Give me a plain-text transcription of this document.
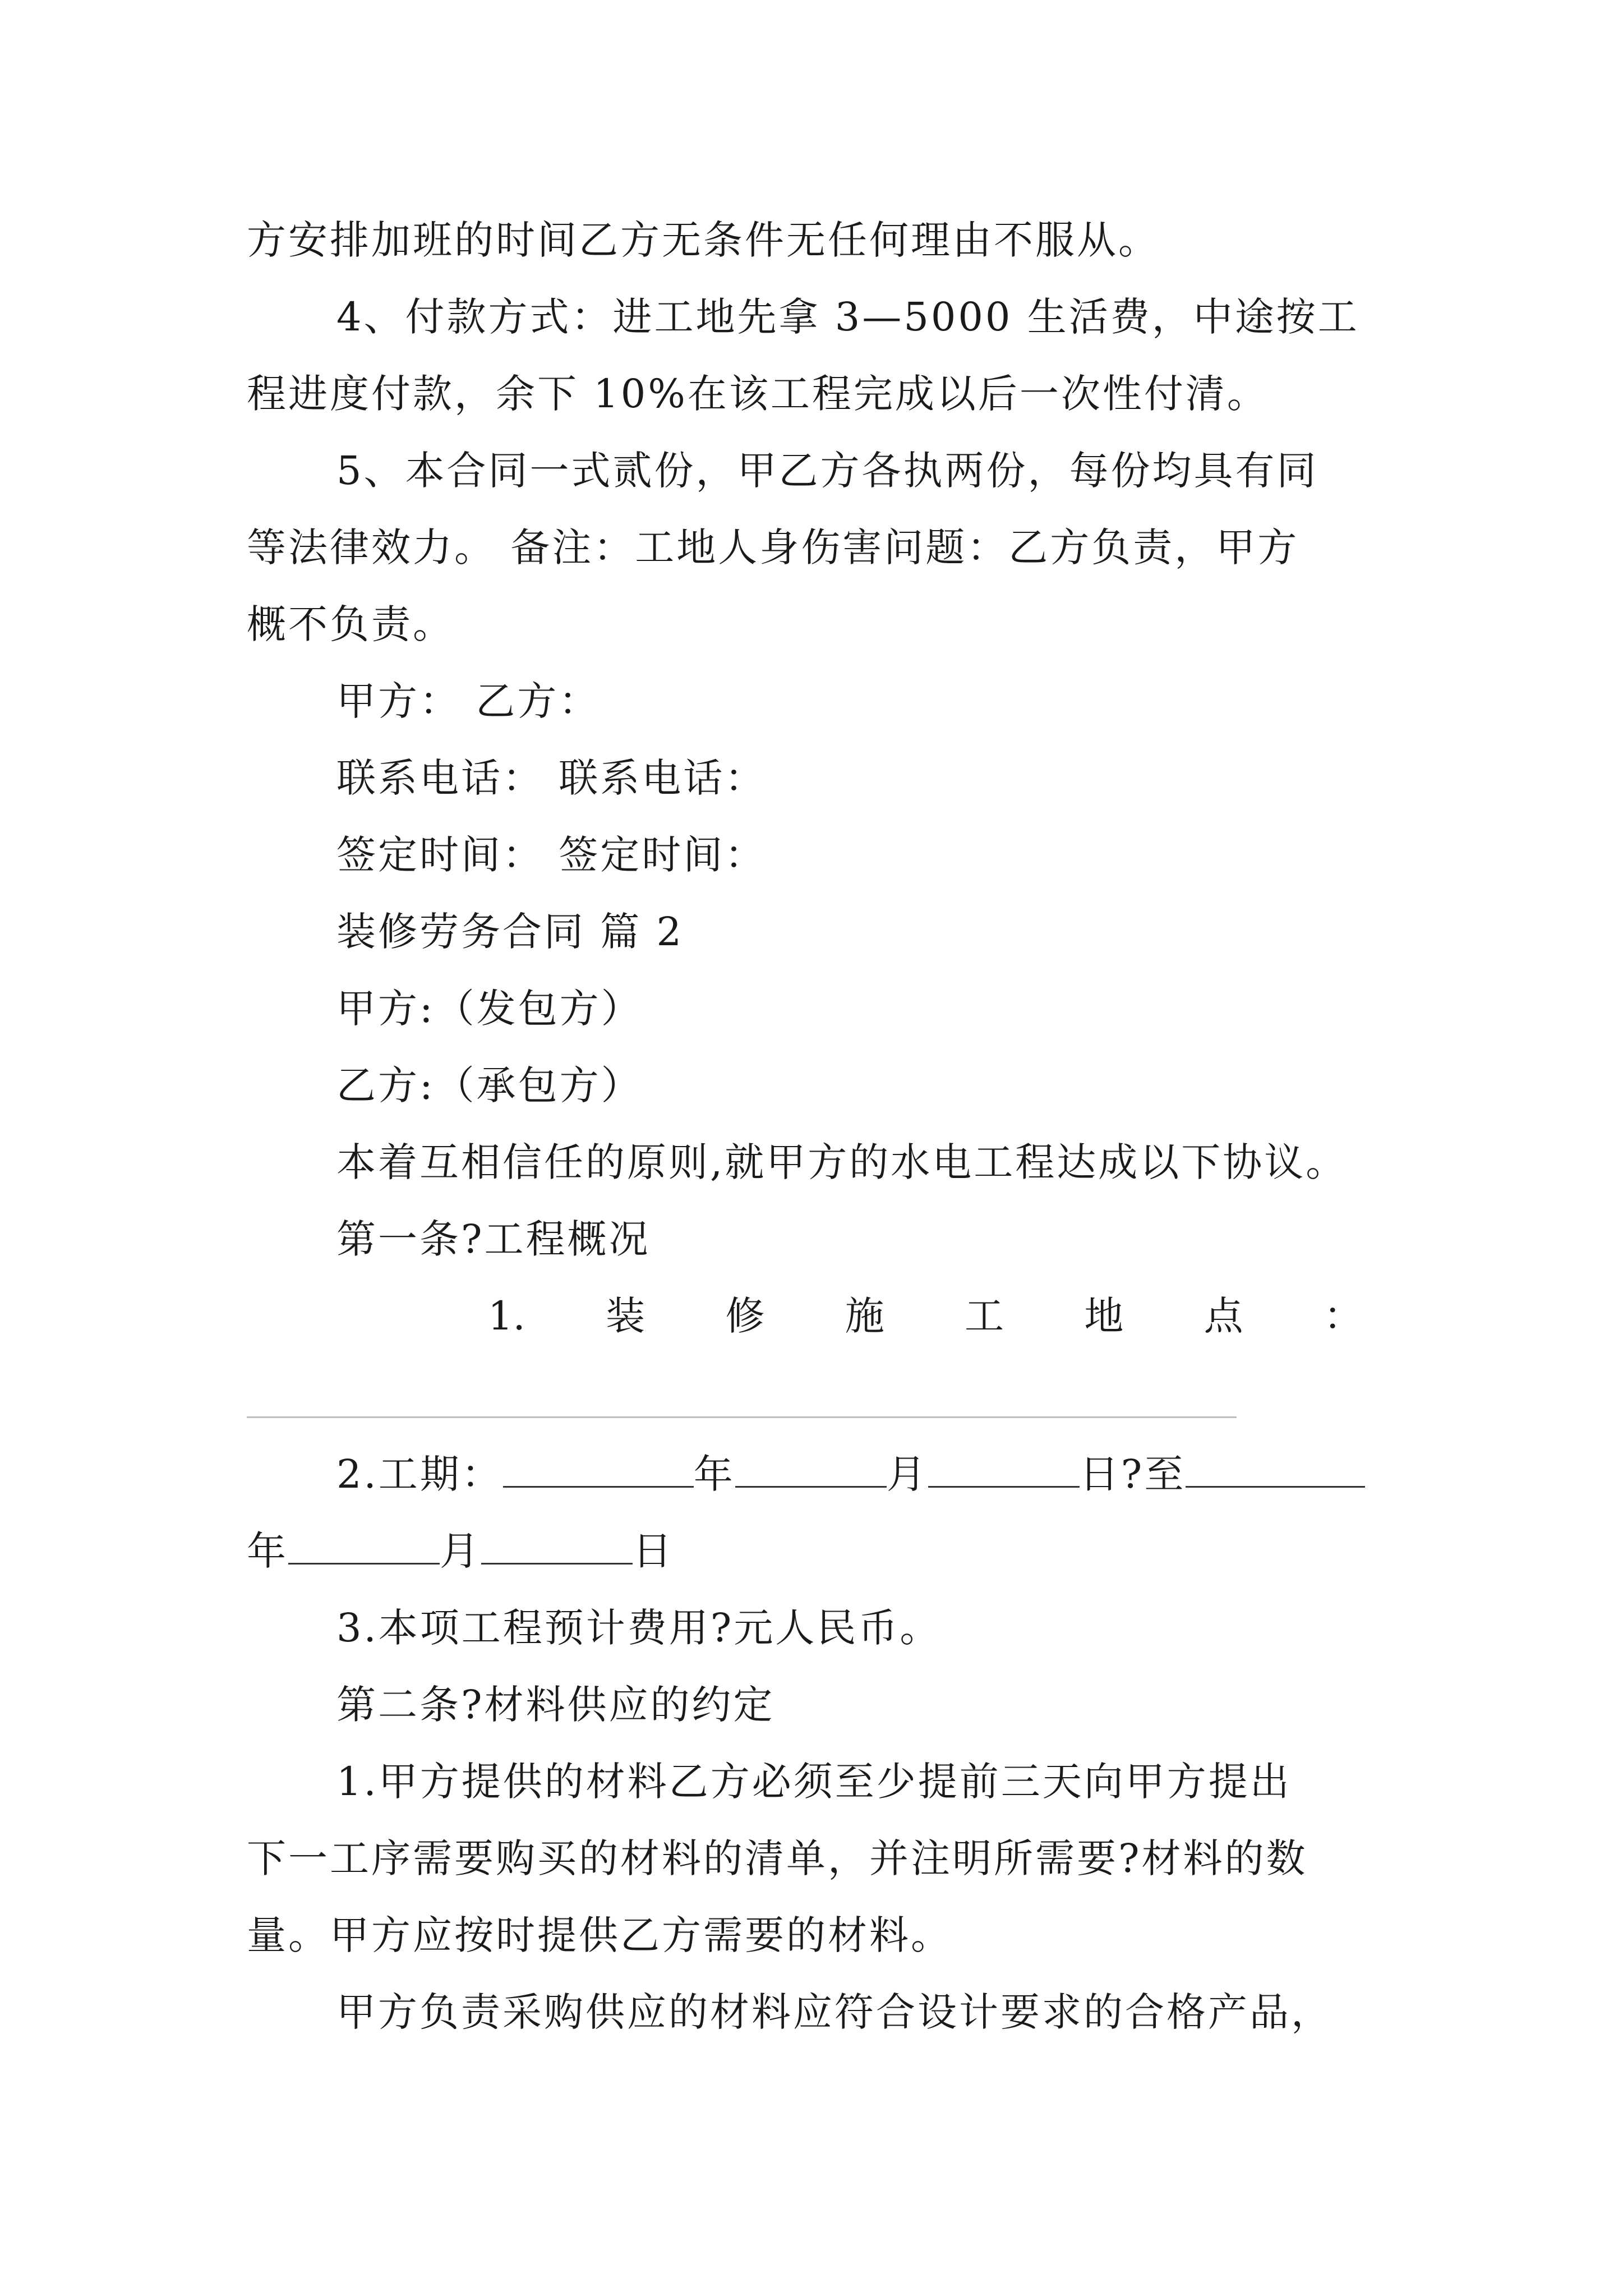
方安排加班的时间乙方无条件无任何理由不服从。
4、付款方式：进工地先拿 3—5000 生活费，中途按工
程进度付款，余下 10%在该工程完成以后一次性付清。
5、本合同一式贰份，甲乙方各执两份，每份均具有同
等法律效力。 备注：工地人身伤害问题：乙方负责，甲方
概不负责。
甲方： 乙方：
联系电话： 联系电话：
签定时间： 签定时间：
装修劳务合同 篇 2
甲方:（发包方）
乙方:（承包方）
本着互相信任的原则,就甲方的水电工程达成以下协议。
第一条?工程概况
2.工期：	年	月	日?至
年	月	日
3.本项工程预计费用?元人民币。
第二条?材料供应的约定
1.甲方提供的材料乙方必须至少提前三天向甲方提出
下一工序需要购买的材料的清单，并注明所需要?材料的数
量。甲方应按时提供乙方需要的材料。
甲方负责采购供应的材料应符合设计要求的合格产品，
1. 装 修 施 工 地 点 ：
